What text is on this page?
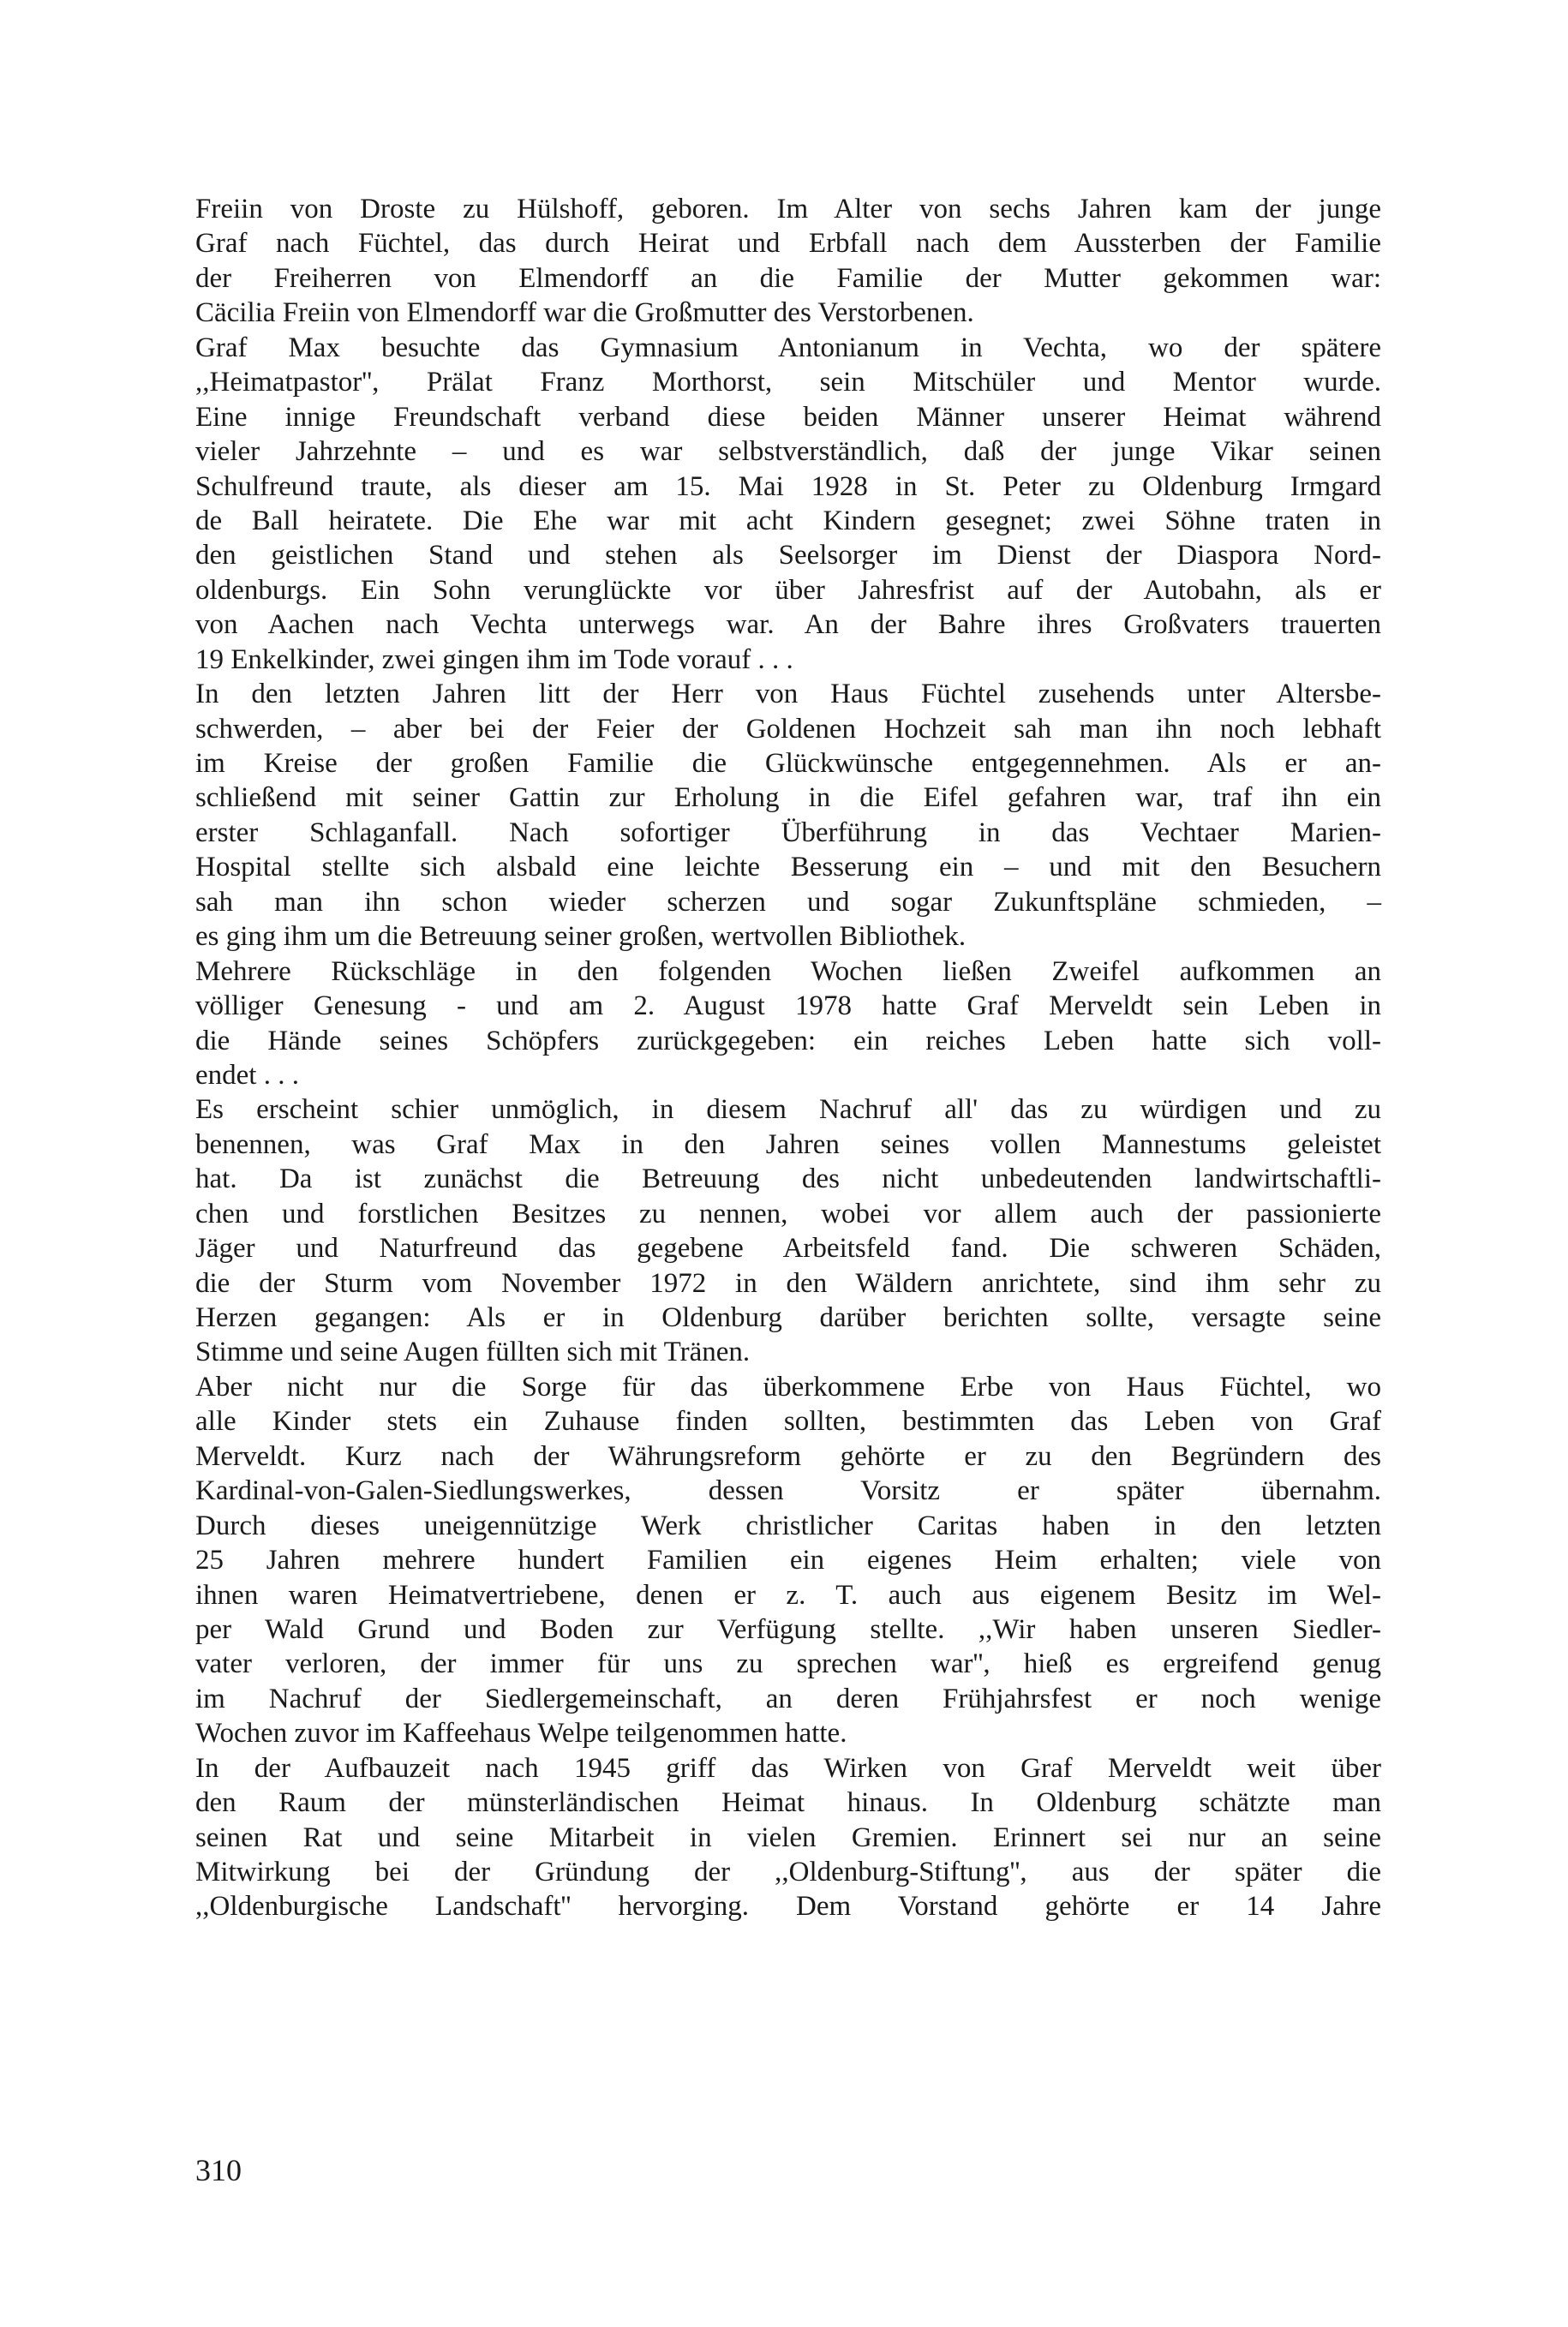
Freiin von Droste zu Hülshoff, geboren. Im Alter von sechs Jahren kam der junge
Graf nach Füchtel, das durch Heirat und Erbfall nach dem Aussterben der Familie
der Freiherren von Elmendorff an die Familie der Mutter gekommen war:
Cäcilia Freiin von Elmendorff war die Großmutter des Verstorbenen.
Graf Max besuchte das Gymnasium Antonianum in Vechta, wo der spätere
,,Heimatpastor'', Prälat Franz Morthorst, sein Mitschüler und Mentor wurde.
Eine innige Freundschaft verband diese beiden Männer unserer Heimat während
vieler Jahrzehnte – und es war selbstverständlich, daß der junge Vikar seinen
Schulfreund traute, als dieser am 15. Mai 1928 in St. Peter zu Oldenburg Irmgard
de Ball heiratete. Die Ehe war mit acht Kindern gesegnet; zwei Söhne traten in
den geistlichen Stand und stehen als Seelsorger im Dienst der Diaspora Nord-
oldenburgs. Ein Sohn verunglückte vor über Jahresfrist auf der Autobahn, als er
von Aachen nach Vechta unterwegs war. An der Bahre ihres Großvaters trauerten
19 Enkelkinder, zwei gingen ihm im Tode vorauf . . .
In den letzten Jahren litt der Herr von Haus Füchtel zusehends unter Altersbe-
schwerden, – aber bei der Feier der Goldenen Hochzeit sah man ihn noch lebhaft
im Kreise der großen Familie die Glückwünsche entgegennehmen. Als er an-
schließend mit seiner Gattin zur Erholung in die Eifel gefahren war, traf ihn ein
erster Schlaganfall. Nach sofortiger Überführung in das Vechtaer Marien-
Hospital stellte sich alsbald eine leichte Besserung ein – und mit den Besuchern
sah man ihn schon wieder scherzen und sogar Zukunftspläne schmieden, –
es ging ihm um die Betreuung seiner großen, wertvollen Bibliothek.
Mehrere Rückschläge in den folgenden Wochen ließen Zweifel aufkommen an
völliger Genesung - und am 2. August 1978 hatte Graf Merveldt sein Leben in
die Hände seines Schöpfers zurückgegeben: ein reiches Leben hatte sich voll-
endet . . .
Es erscheint schier unmöglich, in diesem Nachruf all' das zu würdigen und zu
benennen, was Graf Max in den Jahren seines vollen Mannestums geleistet
hat. Da ist zunächst die Betreuung des nicht unbedeutenden landwirtschaftli-
chen und forstlichen Besitzes zu nennen, wobei vor allem auch der passionierte
Jäger und Naturfreund das gegebene Arbeitsfeld fand. Die schweren Schäden,
die der Sturm vom November 1972 in den Wäldern anrichtete, sind ihm sehr zu
Herzen gegangen: Als er in Oldenburg darüber berichten sollte, versagte seine
Stimme und seine Augen füllten sich mit Tränen.
Aber nicht nur die Sorge für das überkommene Erbe von Haus Füchtel, wo
alle Kinder stets ein Zuhause finden sollten, bestimmten das Leben von Graf
Merveldt. Kurz nach der Währungsreform gehörte er zu den Begründern des
Kardinal-von-Galen-Siedlungswerkes, dessen Vorsitz er später übernahm.
Durch dieses uneigennützige Werk christlicher Caritas haben in den letzten
25 Jahren mehrere hundert Familien ein eigenes Heim erhalten; viele von
ihnen waren Heimatvertriebene, denen er z. T. auch aus eigenem Besitz im Wel-
per Wald Grund und Boden zur Verfügung stellte. ,,Wir haben unseren Siedler-
vater verloren, der immer für uns zu sprechen war'', hieß es ergreifend genug
im Nachruf der Siedlergemeinschaft, an deren Frühjahrsfest er noch wenige
Wochen zuvor im Kaffeehaus Welpe teilgenommen hatte.
In der Aufbauzeit nach 1945 griff das Wirken von Graf Merveldt weit über
den Raum der münsterländischen Heimat hinaus. In Oldenburg schätzte man
seinen Rat und seine Mitarbeit in vielen Gremien. Erinnert sei nur an seine
Mitwirkung bei der Gründung der ,,Oldenburg-Stiftung'', aus der später die
,,Oldenburgische Landschaft'' hervorging. Dem Vorstand gehörte er 14 Jahre
310
